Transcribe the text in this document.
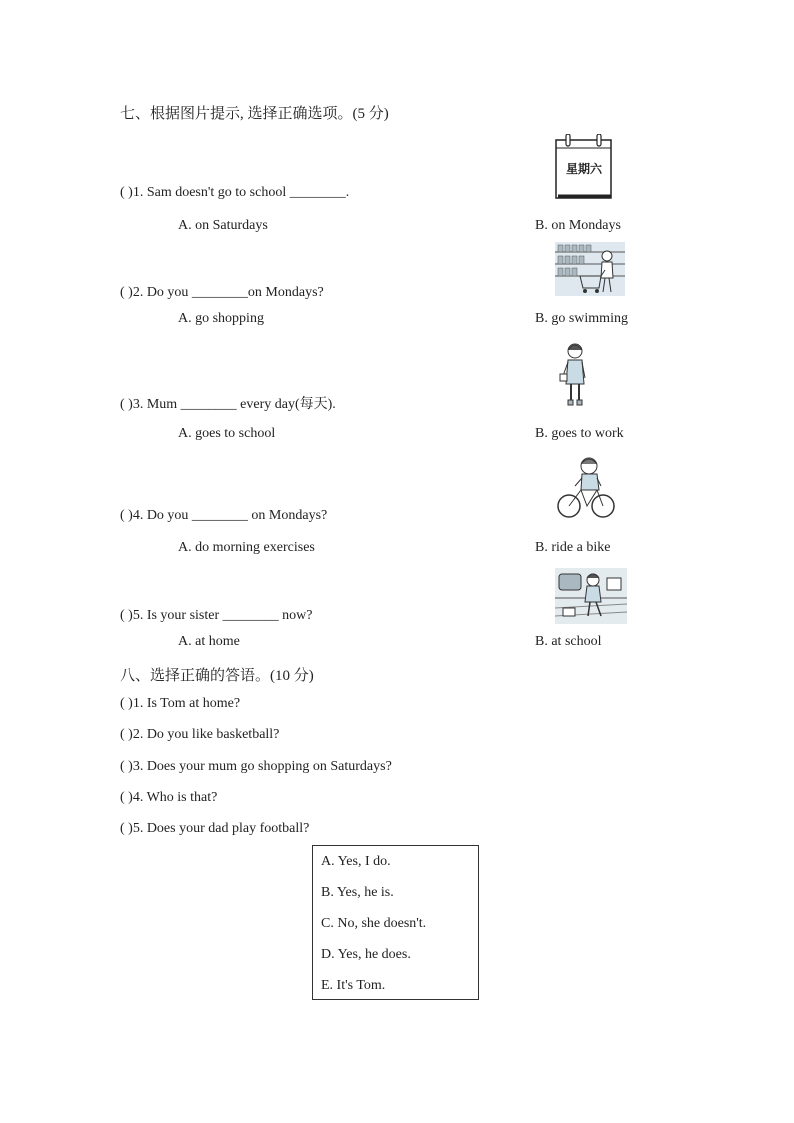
七、根据图片提示, 选择正确选项。(5 分)
星期六
( )1. Sam doesn't go to school ________.
A. on Saturdays	B. on Mondays
( )2. Do you ________on Mondays?
A. go shopping	B. go swimming
( )3. Mum ________ every day(每天).
A. goes to school	B. goes to work
( )4. Do you ________ on Mondays?
A. do morning exercises	B. ride a bike
( )5. Is your sister ________ now?
A. at home	B. at school
八、选择正确的答语。(10 分)
( )1. Is Tom at home?
( )2. Do you like basketball?
( )3. Does your mum go shopping on Saturdays?
( )4. Who is that?
( )5. Does your dad play football?
A. Yes, I do.
B. Yes, he is.
C. No, she doesn't.
D. Yes, he does.
E. It's Tom.
